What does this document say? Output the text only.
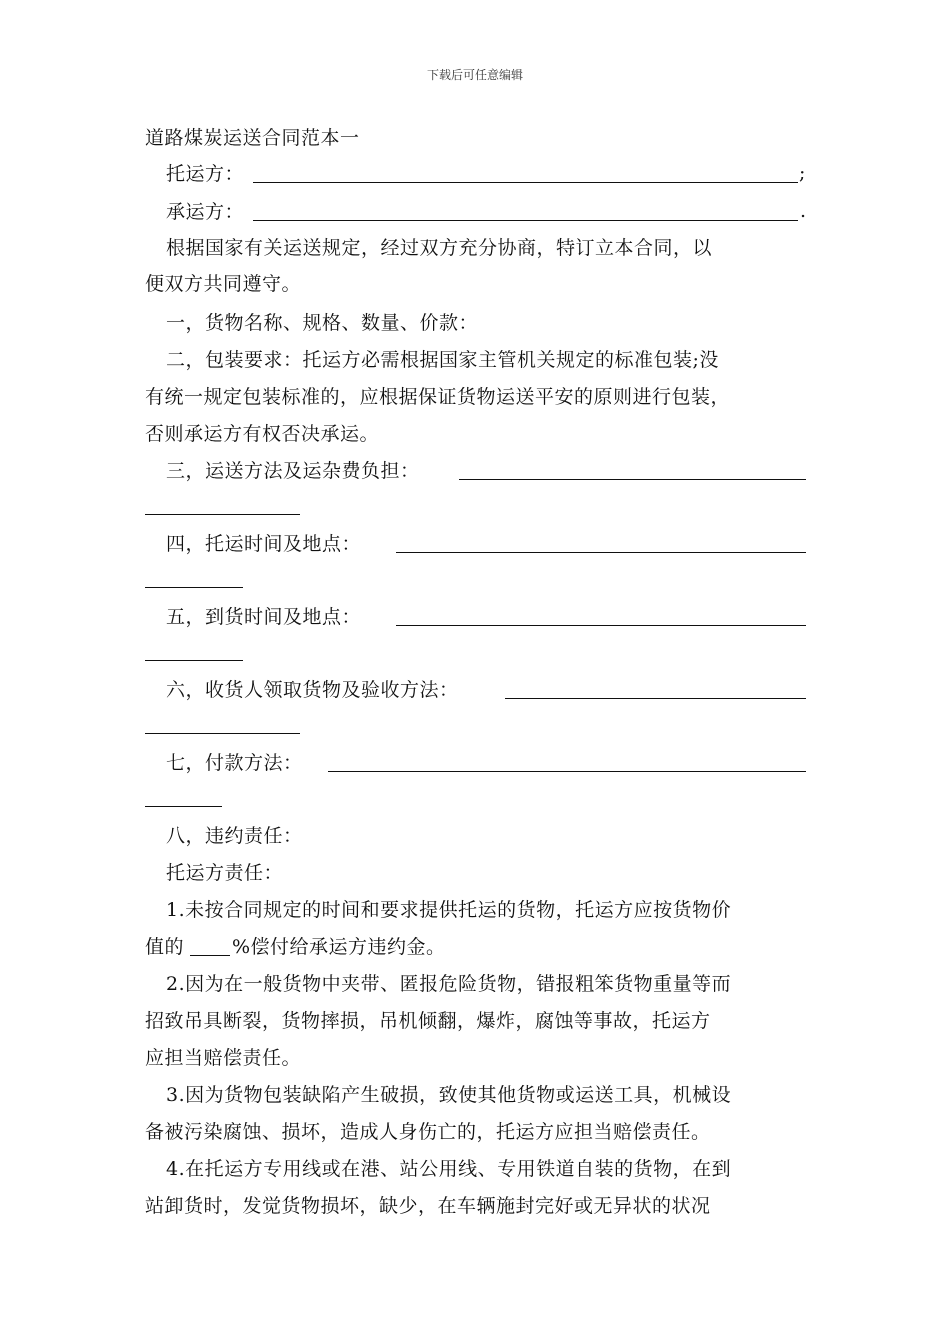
下载后可任意编辑
道路煤炭运送合同范本一
托运方：	;
承运方：	.
根据国家有关运送规定，经过双方充分协商，特订立本合同，以
便双方共同遵守。
一，货物名称、规格、数量、价款：
二，包装要求：托运方必需根据国家主管机关规定的标准包装;没
有统一规定包装标准的，应根据保证货物运送平安的原则进行包装，
否则承运方有权否决承运。
三，运送方法及运杂费负担：
四，托运时间及地点：
五，到货时间及地点：
六，收货人领取货物及验收方法：
七，付款方法：
八，违约责任：
托运方责任：
1.未按合同规定的时间和要求提供托运的货物，托运方应按货物价
值的	%偿付给承运方违约金。
2.因为在一般货物中夹带、匿报危险货物，错报粗笨货物重量等而
招致吊具断裂，货物摔损，吊机倾翻，爆炸，腐蚀等事故，托运方
应担当赔偿责任。
3.因为货物包装缺陷产生破损，致使其他货物或运送工具，机械设
备被污染腐蚀、损坏，造成人身伤亡的，托运方应担当赔偿责任。
4.在托运方专用线或在港、站公用线、专用铁道自装的货物，在到
站卸货时，发觉货物损坏，缺少，在车辆施封完好或无异状的状况
